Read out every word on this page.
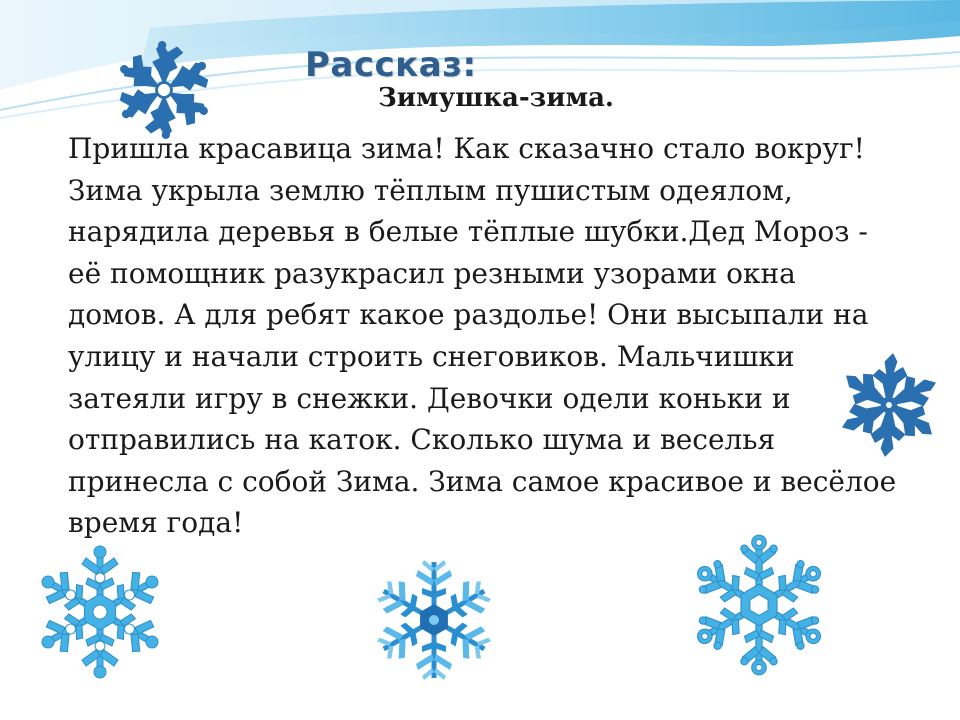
Рассказ:
Зимушка-зима.

Пришла красавица зима! Как сказачно стало вокруг!
Зима укрыла землю тёплым пушистым одеялом,
нарядила деревья в белые тёплые шубки.Дед Мороз -
её помощник разукрасил резными узорами окна
домов. А для ребят какое раздолье! Они высыпали на
улицу и начали строить снеговиков. Мальчишки
затеяли игру в снежки. Девочки одели коньки и
отправились на каток. Сколько шума и веселья
принесла с собой Зима. Зима самое красивое и весёлое
время года!
